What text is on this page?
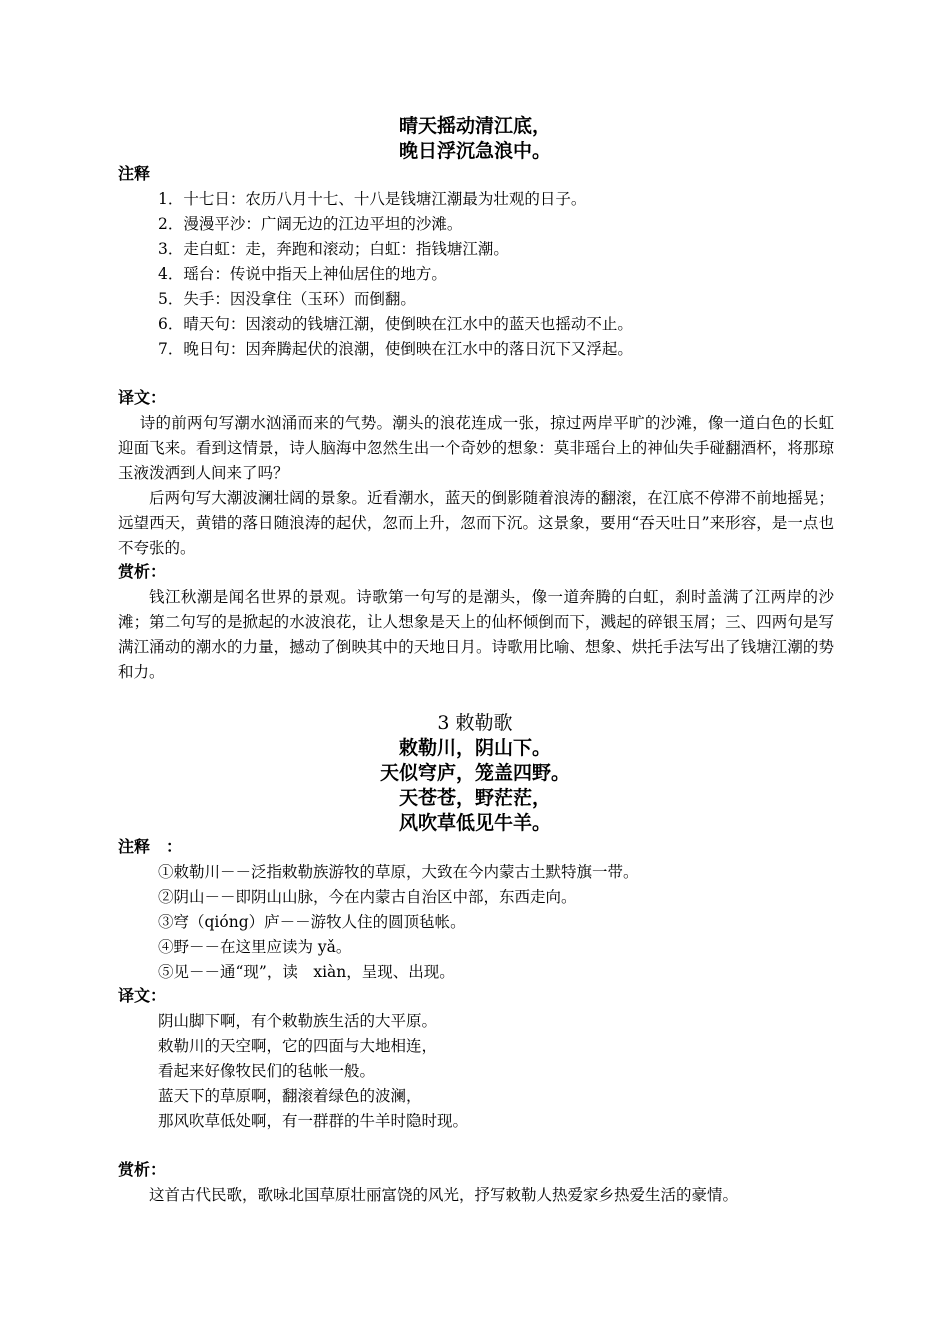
晴天摇动清江底，
晚日浮沉急浪中。
注释
1．十七日：农历八月十七、十八是钱塘江潮最为壮观的日子。
2．漫漫平沙：广阔无边的江边平坦的沙滩。
3．走白虹：走，奔跑和滚动；白虹：指钱塘江潮。
4．瑶台：传说中指天上神仙居住的地方。
5．失手：因没拿住（玉环）而倒翻。
6．晴天句：因滚动的钱塘江潮，使倒映在江水中的蓝天也摇动不止。
7．晚日句：因奔腾起伏的浪潮，使倒映在江水中的落日沉下又浮起。
译文：

诗的前两句写潮水汹涌而来的气势。潮头的浪花连成一张，掠过两岸平旷的沙滩，像一道白色的长虹迎面飞来。看到这情景，诗人脑海中忽然生出一个奇妙的想象：莫非瑶台上的神仙失手碰翻酒杯，将那琼玉液泼洒到人间来了吗？

后两句写大潮波澜壮阔的景象。近看潮水，蓝天的倒影随着浪涛的翻滚，在江底不停滞不前地摇晃；远望西天，黄错的落日随浪涛的起伏，忽而上升，忽而下沉。这景象，要用“吞天吐日”来形容，是一点也不夸张的。

赏析：

钱江秋潮是闻名世界的景观。诗歌第一句写的是潮头，像一道奔腾的白虹，刹时盖满了江两岸的沙滩；第二句写的是掀起的水波浪花，让人想象是天上的仙杯倾倒而下，溅起的碎银玉屑；三、四两句是写满江涌动的潮水的力量，撼动了倒映其中的天地日月。诗歌用比喻、想象、烘托手法写出了钱塘江潮的势和力。

3 敕勒歌
敕勒川，阴山下。
天似穹庐，笼盖四野。
天苍苍，野茫茫，
风吹草低见牛羊。
注释　：
①敕勒川－－泛指敕勒族游牧的草原，大致在今内蒙古土默特旗一带。
②阴山－－即阴山山脉，今在内蒙古自治区中部，东西走向。
③穹（qióng）庐－－游牧人住的圆顶毡帐。
④野－－在这里应读为 yǎ。
⑤见－－通“现”，读　xiàn，呈现、出现。
译文：
阴山脚下啊，有个敕勒族生活的大平原。
敕勒川的天空啊，它的四面与大地相连，
看起来好像牧民们的毡帐一般。
蓝天下的草原啊，翻滚着绿色的波澜，
那风吹草低处啊，有一群群的牛羊时隐时现。
赏析：

这首古代民歌，歌咏北国草原壮丽富饶的风光，抒写敕勒人热爱家乡热爱生活的豪情。
